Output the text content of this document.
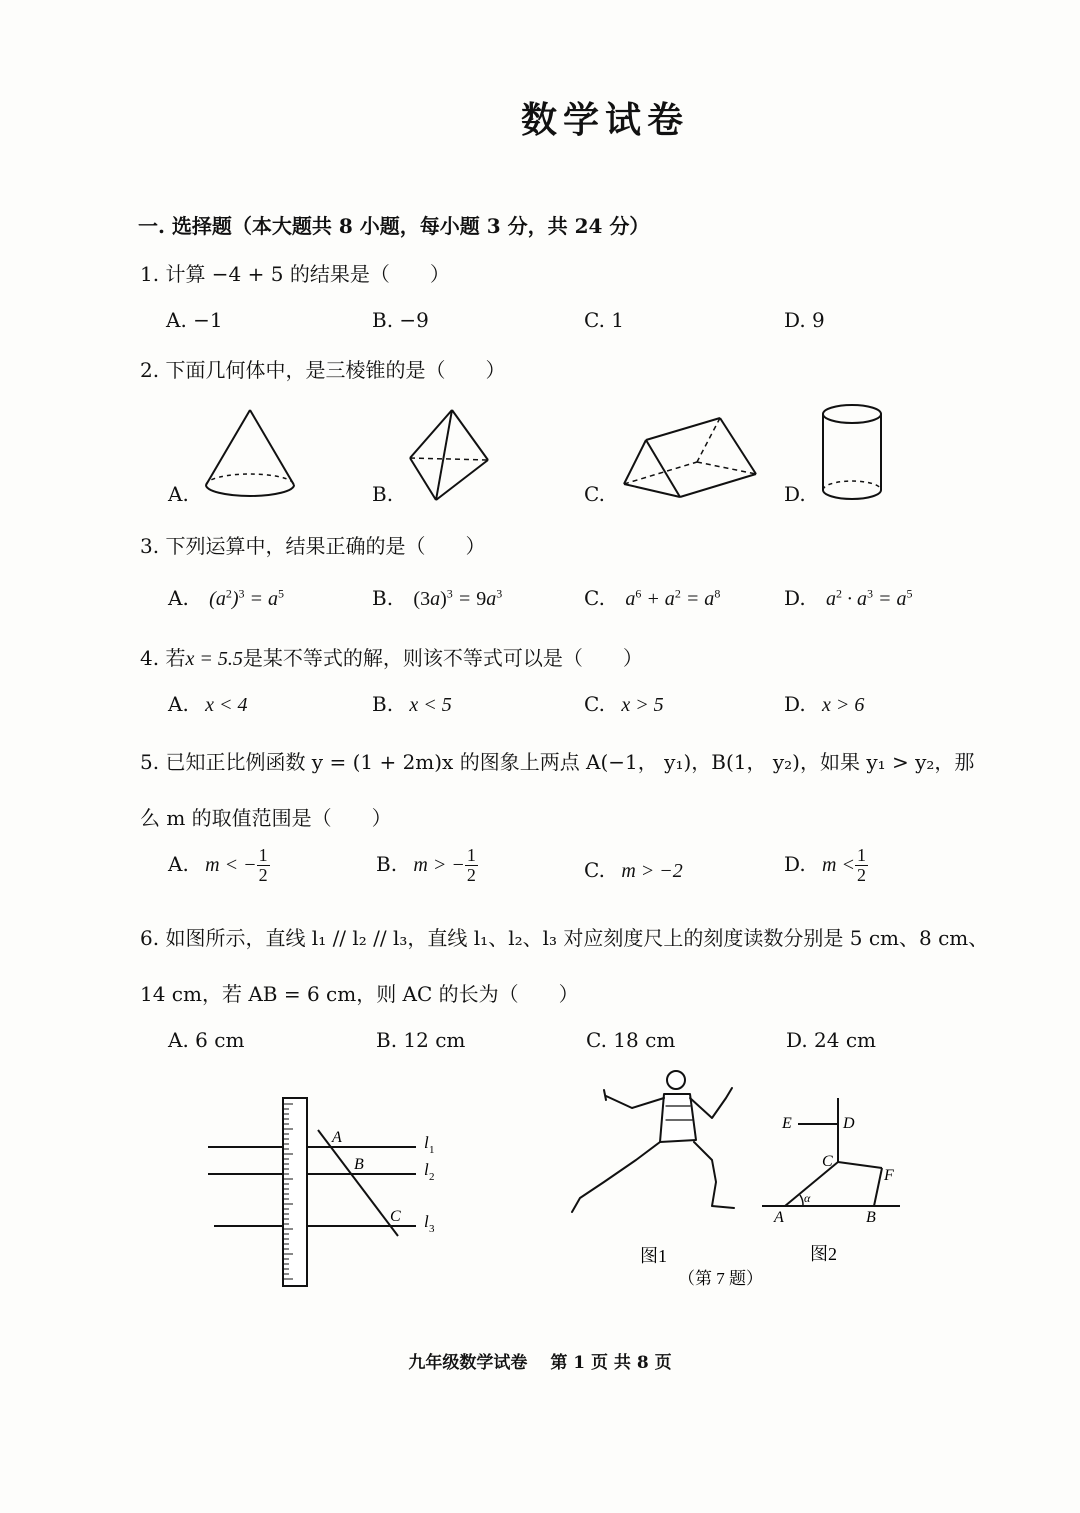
数学试卷
一. 选择题（本大题共 8 小题，每小题 3 分，共 24 分）
1. 计算 −4 + 5 的结果是（　　）
A. −1	B. −9	C. 1	D. 9
2. 下面几何体中，是三棱锥的是（　　）
A.	B.	C.	D.
3. 下列运算中，结果正确的是（　　）
A. $(a^2)^3 = a^5$	B. $(3a)^3 = 9a^3$	C. $a^6 + a^2 = a^8$	D. $a^2 \cdot a^3 = a^5$
4. 若x = 5.5是某不等式的解，则该不等式可以是（　　）
A. x < 4	B. x < 5	C. x > 5	D. x > 6
5. 已知正比例函数 y = (1 + 2m)x 的图象上两点 A(−1， y₁)，B(1， y₂)，如果 y₁ > y₂，那
么 m 的取值范围是（　　）
A. m < − $\frac{1}{2}$	B. m > − $\frac{1}{2}$	C. m > −2	D. $m < \frac{1}{2}$
6. 如图所示，直线 l₁ // l₂ // l₃，直线 l₁、l₂、l₃ 对应刻度尺上的刻度读数分别是 5 cm、8 cm、
14 cm，若 AB = 6 cm，则 AC 的长为（　　）
A. 6 cm	B. 12 cm	C. 18 cm	D. 24 cm
A
B
C
l 1
l 2
l 3
图1
（第 7 题）
E	D
C
F
A	B
α
图2
九年级数学试卷　 第 1 页 共 8 页
